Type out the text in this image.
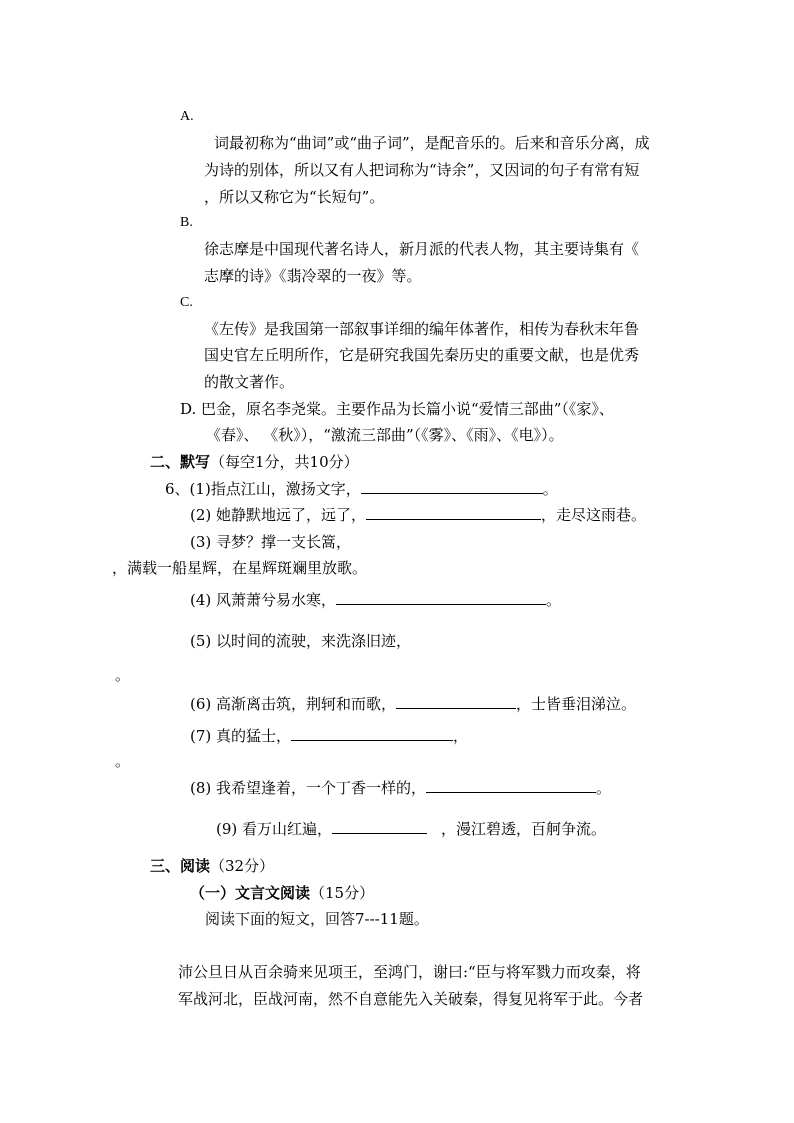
A.
词最初称为“曲词”或“曲子词”，是配音乐的。后来和音乐分离，成
为诗的别体，所以又有人把词称为“诗余”，又因词的句子有常有短
，所以又称它为“长短句”。
B.
徐志摩是中国现代著名诗人，新月派的代表人物，其主要诗集有《
志摩的诗》《翡冷翠的一夜》等。
C.
《左传》是我国第一部叙事详细的编年体著作，相传为春秋末年鲁
国史官左丘明所作，它是研究我国先秦历史的重要文献，也是优秀
的散文著作。
D. 巴金，原名李尧棠。主要作品为长篇小说“爱情三部曲”（《家》、
《春》、 《秋》），“激流三部曲”（《雾》、《雨》、《电》）。
二、默写（每空1分，共10分）
6、(1)指点江山，激扬文字，	。
(2) 她静默地远了，远了，	，走尽这雨巷。
(3) 寻梦？撑一支长篙，
，满载一船星辉，在星辉斑斓里放歌。
(4) 风萧萧兮易水寒，	。
(5) 以时间的流驶，来洗涤旧迹，
。
(6) 高渐离击筑，荆轲和而歌，	，士皆垂泪涕泣。
(7) 真的猛士，	，
。
(8) 我希望逢着，一个丁香一样的，	。
(9) 看万山红遍，	，漫江碧透，百舸争流。
三、阅读（32分）
（一）文言文阅读（15分）
阅读下面的短文，回答7---11题。
沛公旦日从百余骑来见项王，至鸿门，谢曰:“臣与将军戮力而攻秦，将
军战河北，臣战河南，然不自意能先入关破秦，得复见将军于此。今者
